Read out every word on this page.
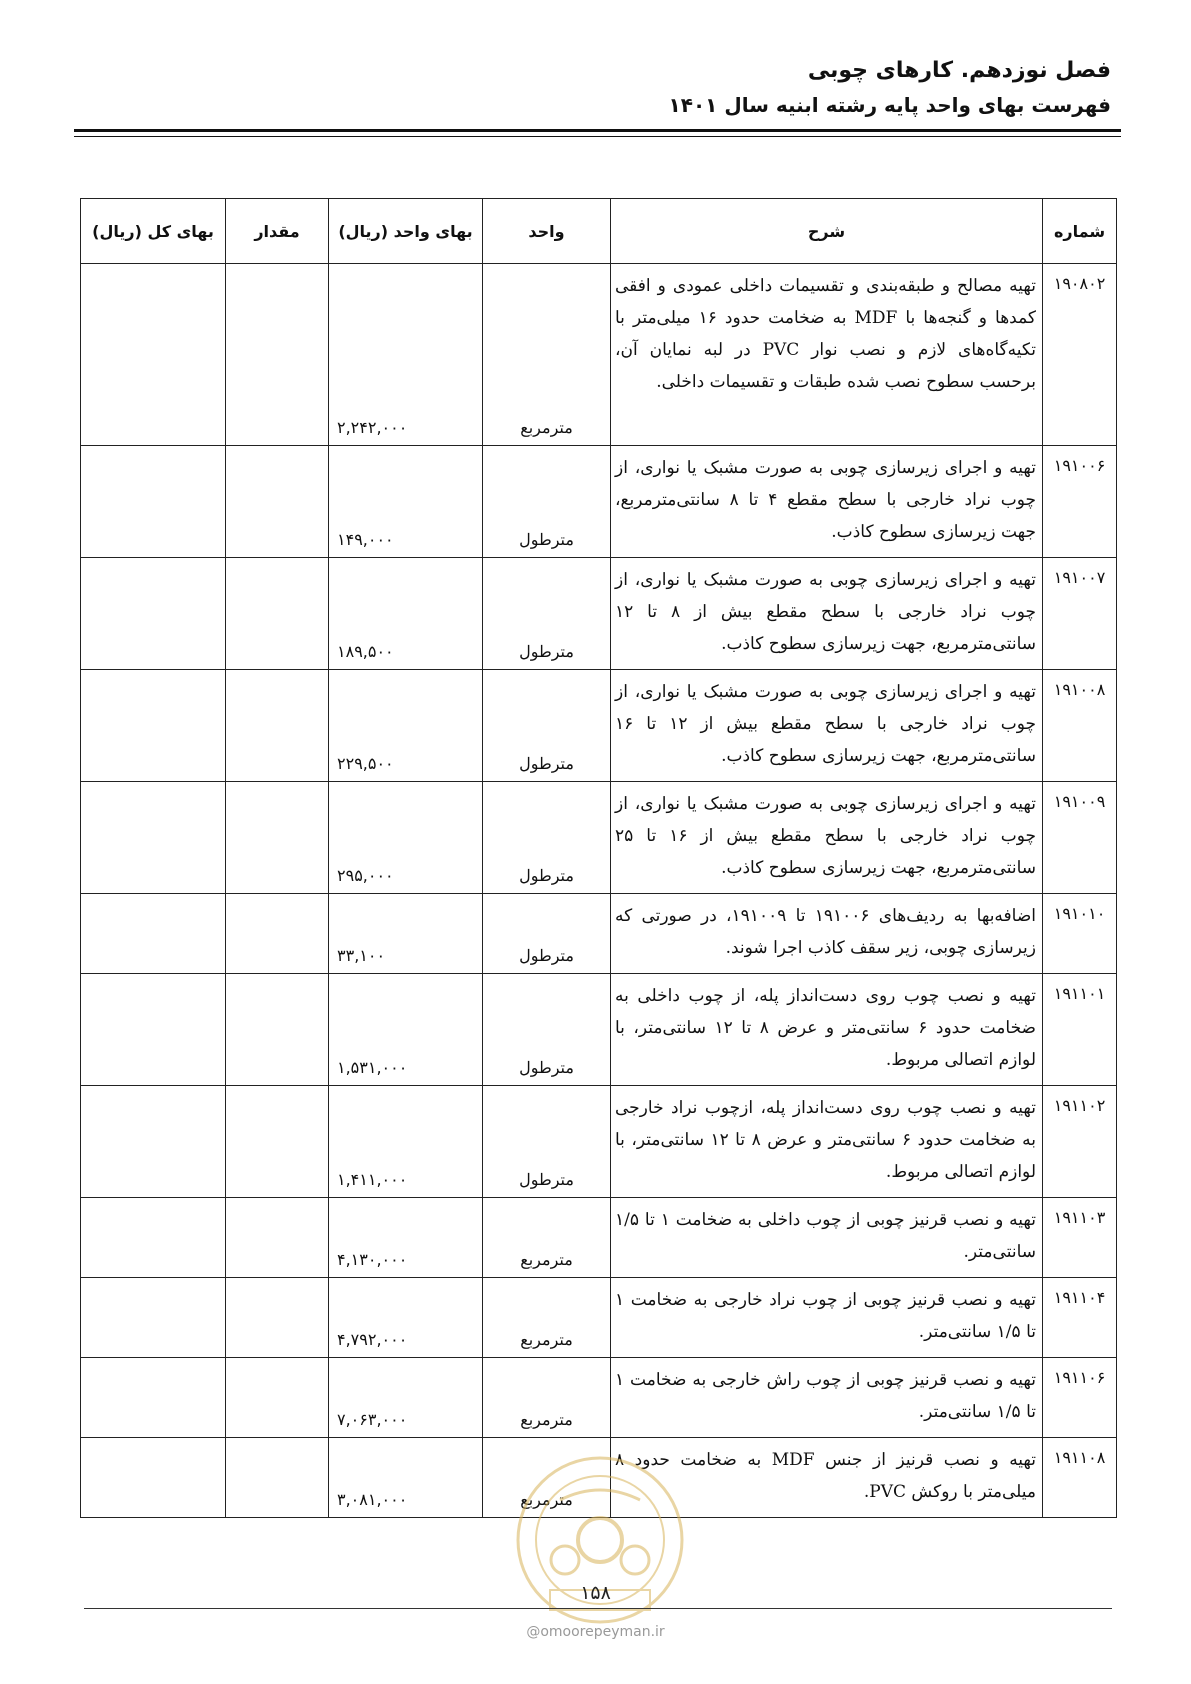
فصل نوزدهم. کارهای چوبی
فهرست بهای واحد پایه رشته ابنیه سال ۱۴۰۱
شماره	شرح	واحد	بهای واحد (ریال)	مقدار	بهای کل (ریال)
۱۹۰۸۰۲	تهیه مصالح و طبقه‌بندی و تقسیمات داخلی عمودی و افقی کمدها و گنجه‌ها با MDF به ضخامت حدود ۱۶ میلی‌متر با تکیه‌گاه‌های لازم و نصب نوار PVC در لبه نمایان آن، برحسب سطوح نصب شده طبقات و تقسیمات داخلی.	مترمربع	۲,۲۴۲,۰۰۰		
۱۹۱۰۰۶	تهیه و اجرای زیرسازی چوبی به صورت مشبک یا نواری، از چوب نراد خارجی با سطح مقطع ۴ تا ۸ سانتی‌مترمربع، جهت زیرسازی سطوح کاذب.	مترطول	۱۴۹,۰۰۰		
۱۹۱۰۰۷	تهیه و اجرای زیرسازی چوبی به صورت مشبک یا نواری، از چوب نراد خارجی با سطح مقطع بیش از ۸ تا ۱۲ سانتی‌مترمربع، جهت زیرسازی سطوح کاذب.	مترطول	۱۸۹,۵۰۰		
۱۹۱۰۰۸	تهیه و اجرای زیرسازی چوبی به صورت مشبک یا نواری، از چوب نراد خارجی با سطح مقطع بیش از ۱۲ تا ۱۶ سانتی‌مترمربع، جهت زیرسازی سطوح کاذب.	مترطول	۲۲۹,۵۰۰		
۱۹۱۰۰۹	تهیه و اجرای زیرسازی چوبی به صورت مشبک یا نواری، از چوب نراد خارجی با سطح مقطع بیش از ۱۶ تا ۲۵ سانتی‌مترمربع، جهت زیرسازی سطوح کاذب.	مترطول	۲۹۵,۰۰۰		
۱۹۱۰۱۰	اضافه‌بها به ردیف‌های ۱۹۱۰۰۶ تا ۱۹۱۰۰۹، در صورتی که زیرسازی چوبی، زیر سقف کاذب اجرا شوند.	مترطول	۳۳,۱۰۰		
۱۹۱۱۰۱	تهیه و نصب چوب روی دست‌انداز پله، از چوب داخلی به ضخامت حدود ۶ سانتی‌متر و عرض ۸ تا ۱۲ سانتی‌متر، با لوازم اتصالی مربوط.	مترطول	۱,۵۳۱,۰۰۰		
۱۹۱۱۰۲	تهیه و نصب چوب روی دست‌انداز پله، ازچوب نراد خارجی به ضخامت حدود ۶ سانتی‌متر و عرض ۸ تا ۱۲ سانتی‌متر، با لوازم اتصالی مربوط.	مترطول	۱,۴۱۱,۰۰۰		
۱۹۱۱۰۳	تهیه و نصب قرنیز چوبی از چوب داخلی به ضخامت ۱ تا ۱/۵ سانتی‌متر.	مترمربع	۴,۱۳۰,۰۰۰		
۱۹۱۱۰۴	تهیه و نصب قرنیز چوبی از چوب نراد خارجی به ضخامت ۱ تا ۱/۵ سانتی‌متر.	مترمربع	۴,۷۹۲,۰۰۰		
۱۹۱۱۰۶	تهیه و نصب قرنیز چوبی از چوب راش خارجی به ضخامت ۱ تا ۱/۵ سانتی‌متر.	مترمربع	۷,۰۶۳,۰۰۰		
۱۹۱۱۰۸	تهیه و نصب قرنیز از جنس MDF به ضخامت حدود ۸ میلی‌متر با روکش PVC.	مترمربع	۳,۰۸۱,۰۰۰		
۱۵۸
@omoorepeyman.ir
